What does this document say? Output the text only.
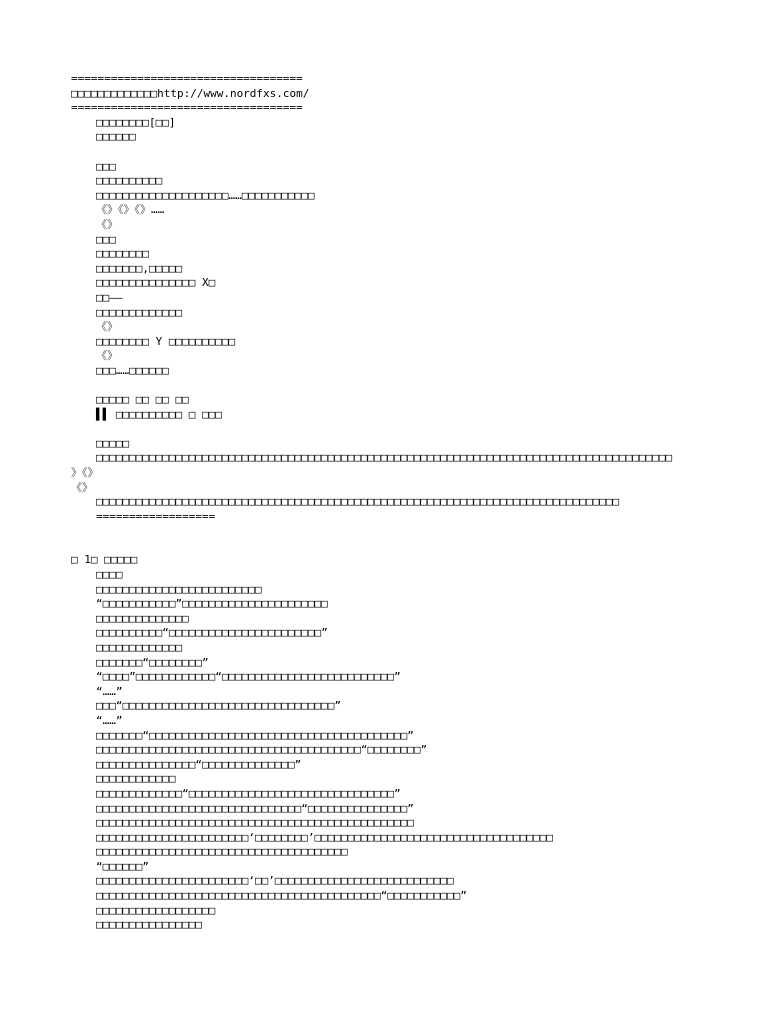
===================================
□□□□□□□□□□□□□http://www.nordfxs.com/
===================================
□□□□□□□□[□□]
□□□□□□
□□□
□□□□□□□□□□
□□□□□□□□□□□□□□□□□□□□……□□□□□□□□□□□
《》《》《》……
《》
□□□
□□□□□□□□
□□□□□□□,□□□□□
□□□□□□□□□□□□□□□ X□
□□——
□□□□□□□□□□□□□
《》
□□□□□□□□ Y □□□□□□□□□□
《》
□□□……□□□□□□
□□□□□ □□ □□ □□
▌▌ □□□□□□□□□□ □ □□□
□□□□□
□□□□□□□□□□□□□□□□□□□□□□□□□□□□□□□□□□□□□□□□□□□□□□□□□□□□□□□□□□□□□□□□□□□□□□□□□□□□□□□□□□□□□□□
》《》
《》
□□□□□□□□□□□□□□□□□□□□□□□□□□□□□□□□□□□□□□□□□□□□□□□□□□□□□□□□□□□□□□□□□□□□□□□□□□□□□□□
==================
□ 1□ □□□□□
□□□□
□□□□□□□□□□□□□□□□□□□□□□□□□
“□□□□□□□□□□□”□□□□□□□□□□□□□□□□□□□□□□
□□□□□□□□□□□□□□
□□□□□□□□□□“□□□□□□□□□□□□□□□□□□□□□□□”
□□□□□□□□□□□□□
□□□□□□□“□□□□□□□□”
“□□□□”□□□□□□□□□□□□“□□□□□□□□□□□□□□□□□□□□□□□□□□”
“……”
□□□“□□□□□□□□□□□□□□□□□□□□□□□□□□□□□□□□”
“……”
□□□□□□□“□□□□□□□□□□□□□□□□□□□□□□□□□□□□□□□□□□□□□□□”
□□□□□□□□□□□□□□□□□□□□□□□□□□□□□□□□□□□□□□□□“□□□□□□□□”
□□□□□□□□□□□□□□□“□□□□□□□□□□□□□□”
□□□□□□□□□□□□
□□□□□□□□□□□□□“□□□□□□□□□□□□□□□□□□□□□□□□□□□□□□□”
□□□□□□□□□□□□□□□□□□□□□□□□□□□□□□□“□□□□□□□□□□□□□□□”
□□□□□□□□□□□□□□□□□□□□□□□□□□□□□□□□□□□□□□□□□□□□□□□□
□□□□□□□□□□□□□□□□□□□□□□□‘□□□□□□□□’□□□□□□□□□□□□□□□□□□□□□□□□□□□□□□□□□□□□
□□□□□□□□□□□□□□□□□□□□□□□□□□□□□□□□□□□□□□
“□□□□□□”
□□□□□□□□□□□□□□□□□□□□□□□‘□□’□□□□□□□□□□□□□□□□□□□□□□□□□□□
□□□□□□□□□□□□□□□□□□□□□□□□□□□□□□□□□□□□□□□□□□□“□□□□□□□□□□□”
□□□□□□□□□□□□□□□□□□
□□□□□□□□□□□□□□□□
